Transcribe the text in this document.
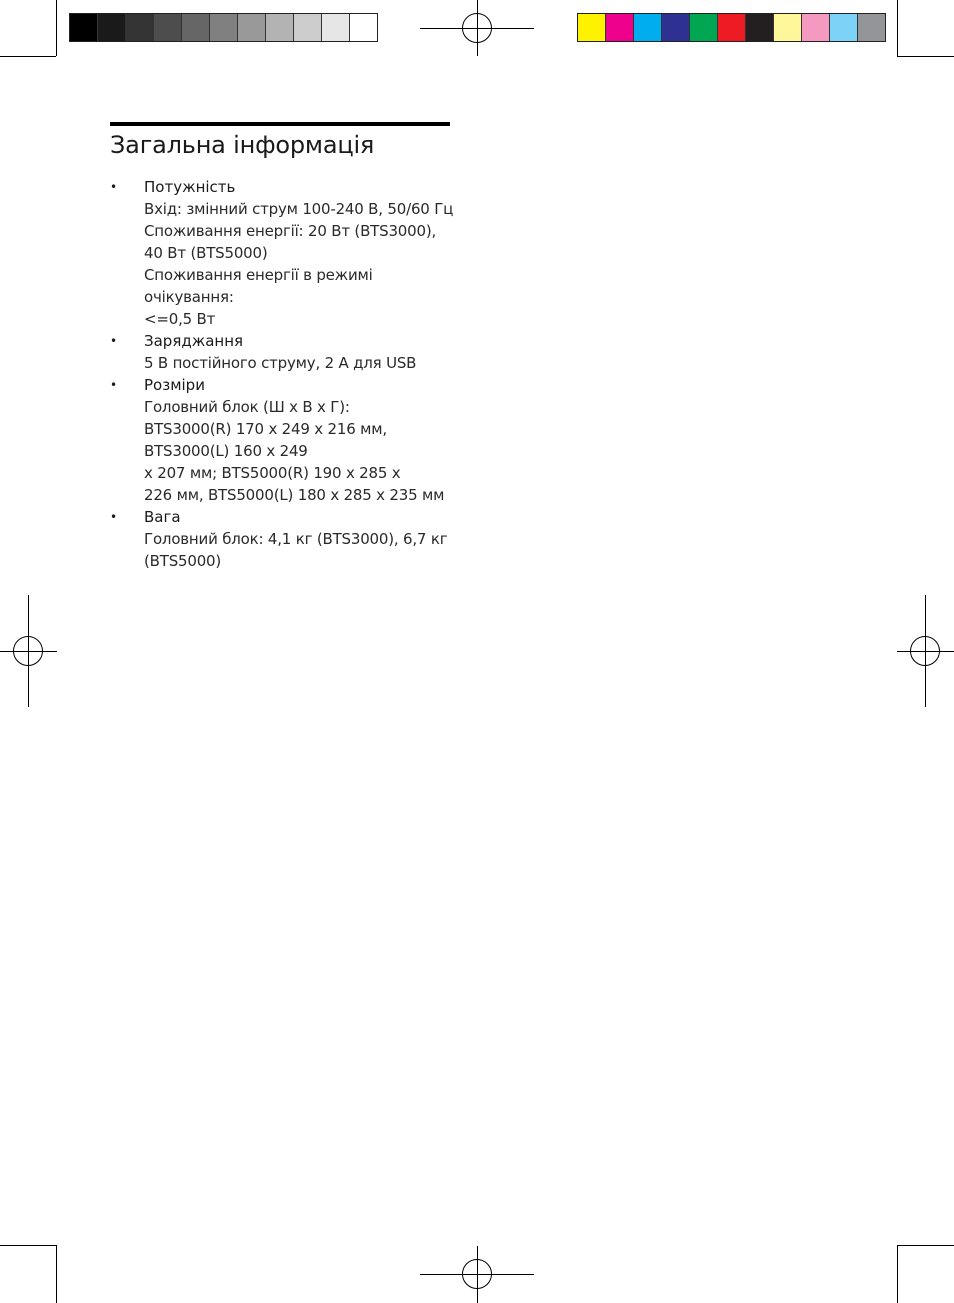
Загальна інформація
• Потужність
Вхід: змінний струм 100-240 В, 50/60 Гц
Споживання енергії: 20 Вт (BTS3000),
40 Вт (BTS5000)
Споживання енергії в режимі очікування:
<=0,5 Вт
• Заряджання
5 В постійного струму, 2 А для USB
• Розміри
Головний блок (Ш x В x Г):
BTS3000(R) 170 x 249 x 216 мм,
BTS3000(L) 160 x 249
x 207 мм; BTS5000(R) 190 x 285 x
226 мм, BTS5000(L) 180 x 285 x 235 мм
• Вага
Головний блок: 4,1 кг (BTS3000), 6,7 кг
(BTS5000)
